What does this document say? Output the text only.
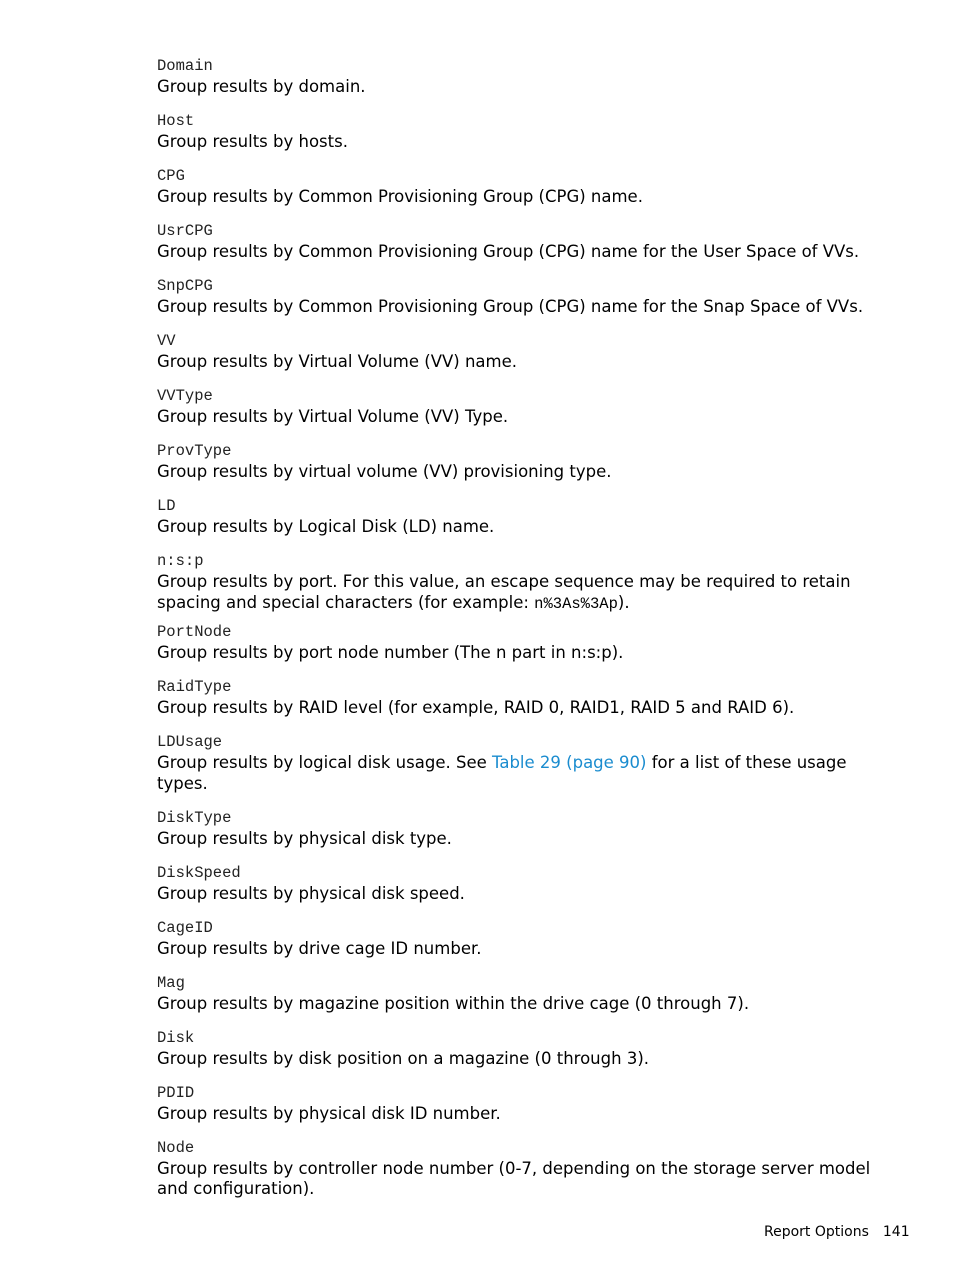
Domain
Group results by domain.
Host
Group results by hosts.
CPG
Group results by Common Provisioning Group (CPG) name.
UsrCPG
Group results by Common Provisioning Group (CPG) name for the User Space of VVs.
SnpCPG
Group results by Common Provisioning Group (CPG) name for the Snap Space of VVs.
VV
Group results by Virtual Volume (VV) name.
VVType
Group results by Virtual Volume (VV) Type.
ProvType
Group results by virtual volume (VV) provisioning type.
LD
Group results by Logical Disk (LD) name.
n:s:p
Group results by port. For this value, an escape sequence may be required to retain spacing and special characters (for example: n%3As%3Ap).
PortNode
Group results by port node number (The n part in n:s:p).
RaidType
Group results by RAID level (for example, RAID 0, RAID1, RAID 5 and RAID 6).
LDUsage
Group results by logical disk usage. See Table 29 (page 90) for a list of these usage types.
DiskType
Group results by physical disk type.
DiskSpeed
Group results by physical disk speed.
CageID
Group results by drive cage ID number.
Mag
Group results by magazine position within the drive cage (0 through 7).
Disk
Group results by disk position on a magazine (0 through 3).
PDID
Group results by physical disk ID number.
Node
Group results by controller node number (0-7, depending on the storage server model and configuration).
Report Options 141
